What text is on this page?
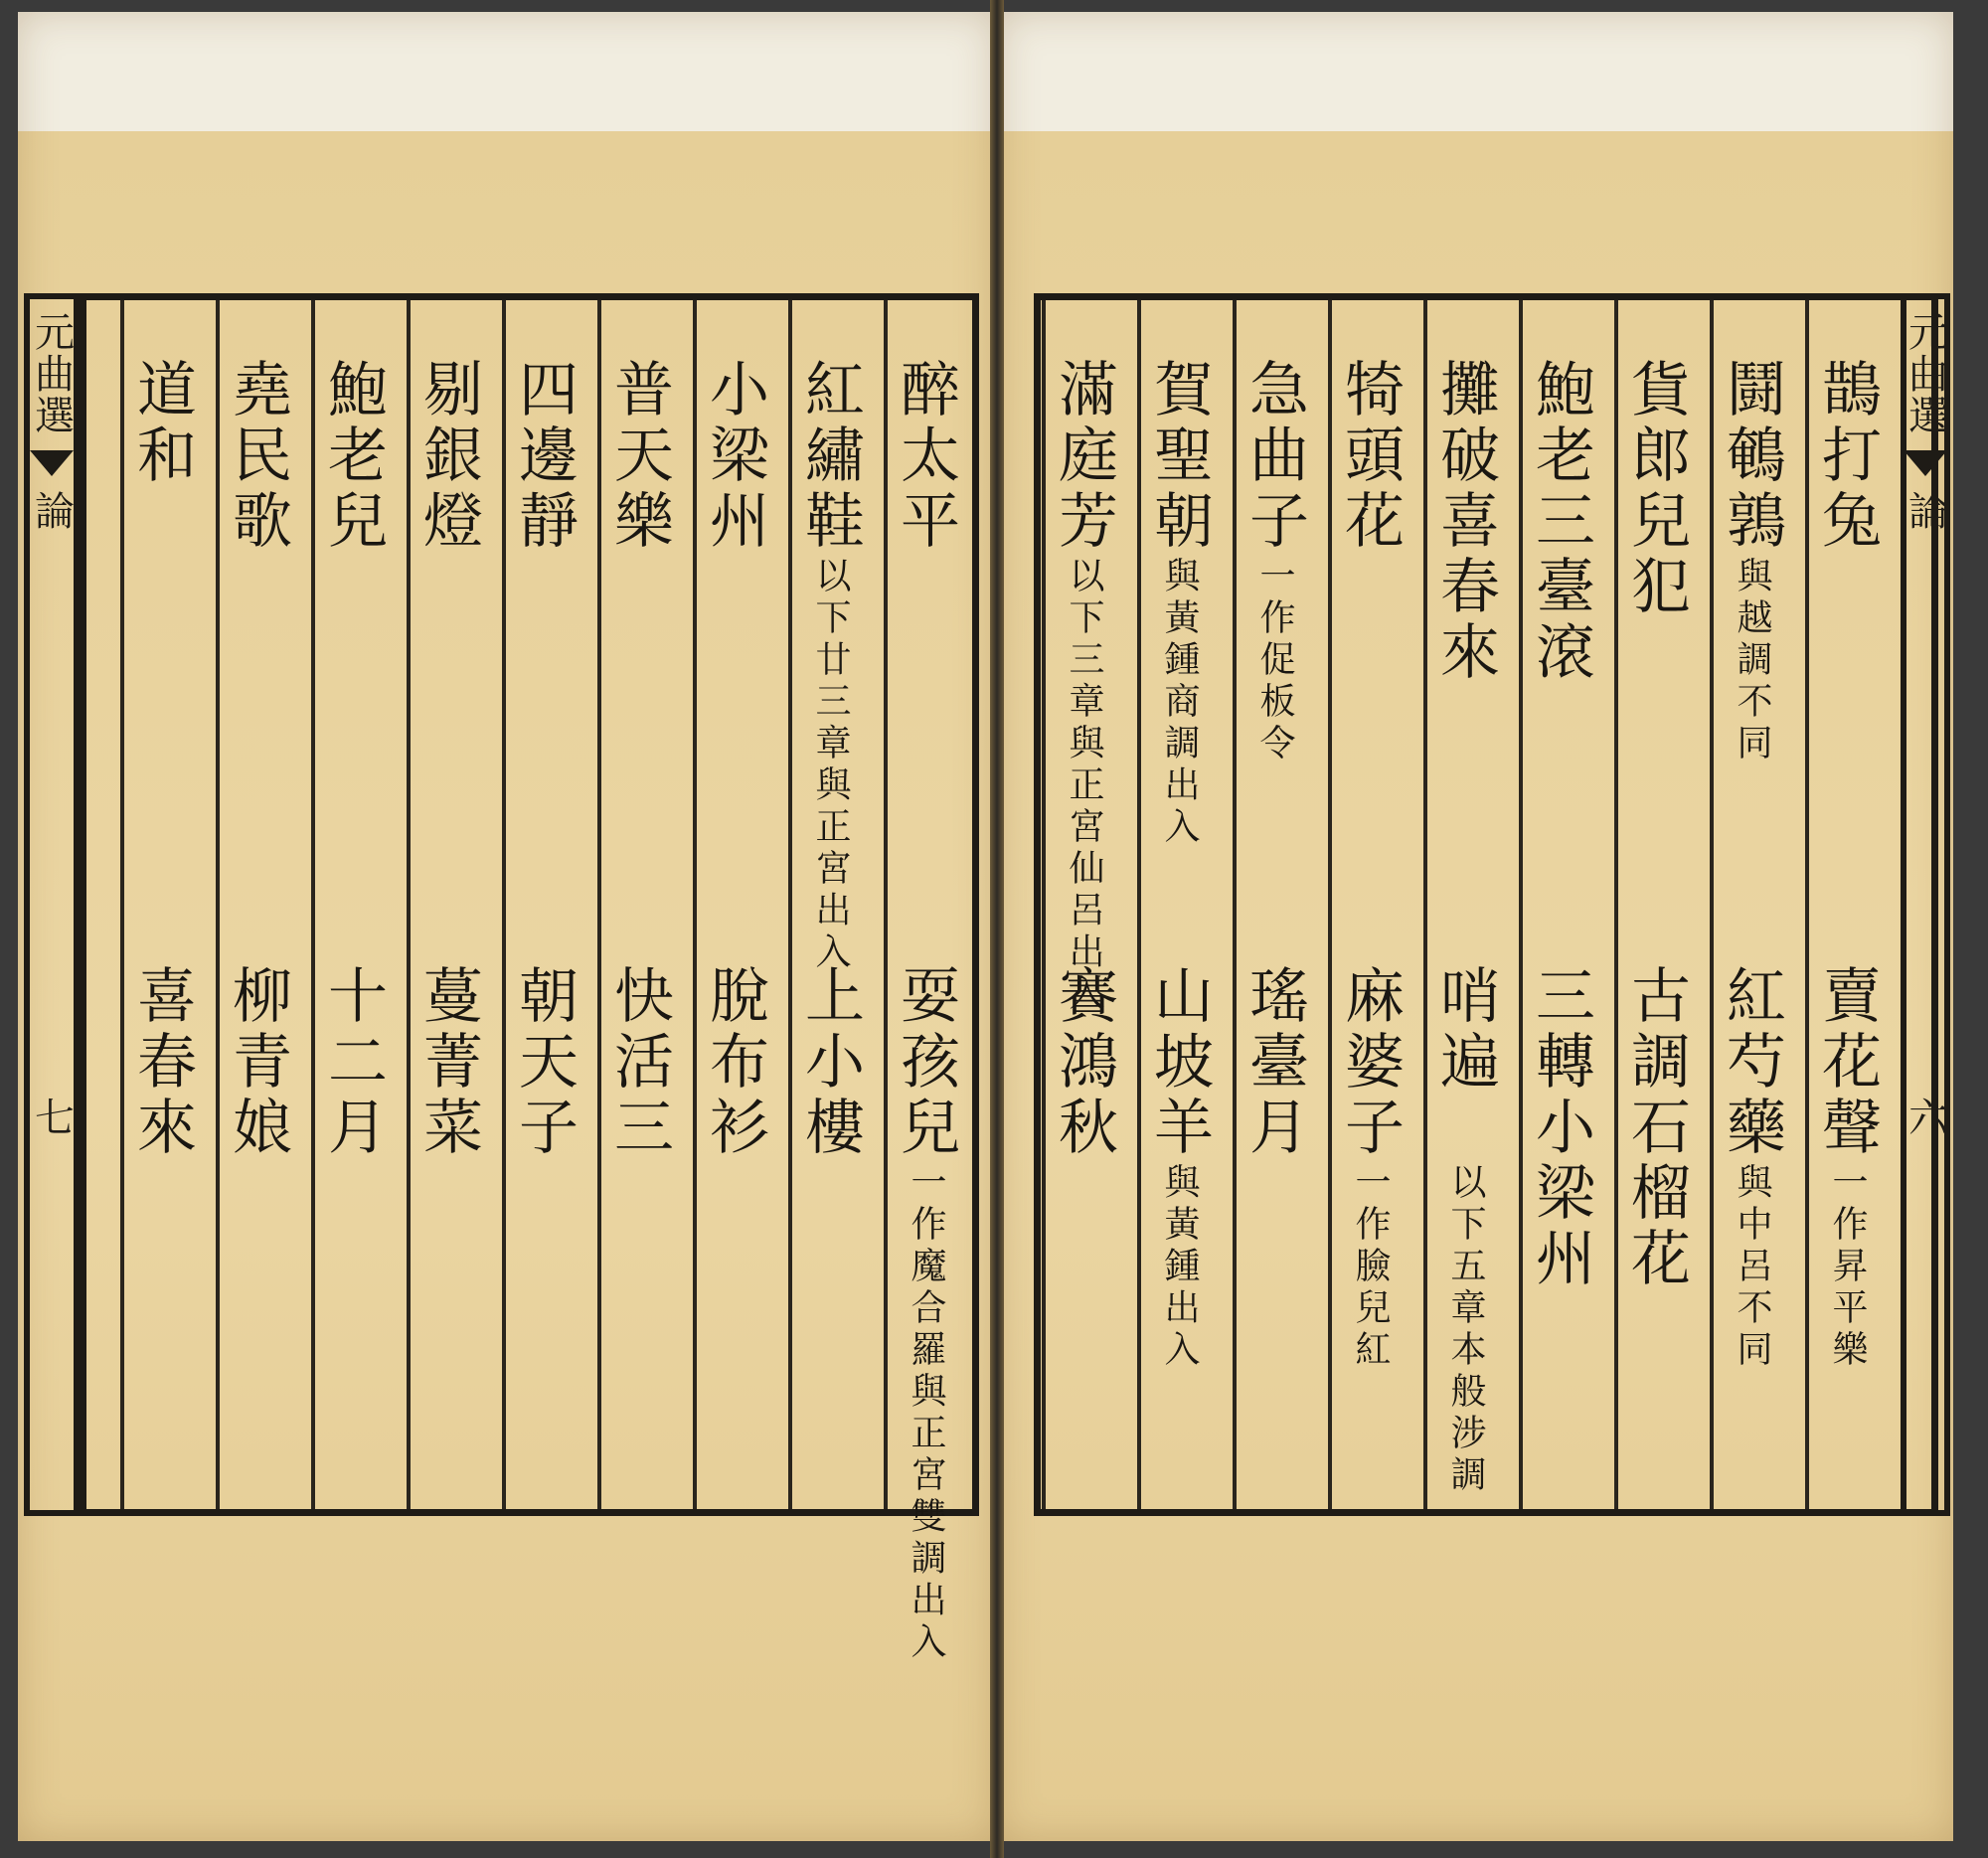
元曲選
論
七
醉太平
耍孩兒
一作魔合羅與正宮雙調出入
紅繡鞋
以下廿三章與正宮出入
上小樓
小梁州
脫布衫
普天樂
快活三
四邊靜
朝天子
剔銀燈
蔓菁菜
鮑老兒
十二月
堯民歌
柳青娘
道和
喜春來
元曲選
論
六
鵲打兔
賣花聲
一作昇平樂
鬪鵪鶉
與越調不同
紅芍藥
與中呂不同
貨郎兒犯
古調石榴花
鮑老三臺滾
三轉小梁州
攤破喜春來
哨遍
以下五章本般涉調
犄頭花
麻婆子
一作臉兒紅
急曲子
一作促板令
瑤臺月
賀聖朝
與黃鍾商調出入
山坡羊
與黃鍾出入
滿庭芳
以下三章與正宮仙呂出入
賽鴻秋
